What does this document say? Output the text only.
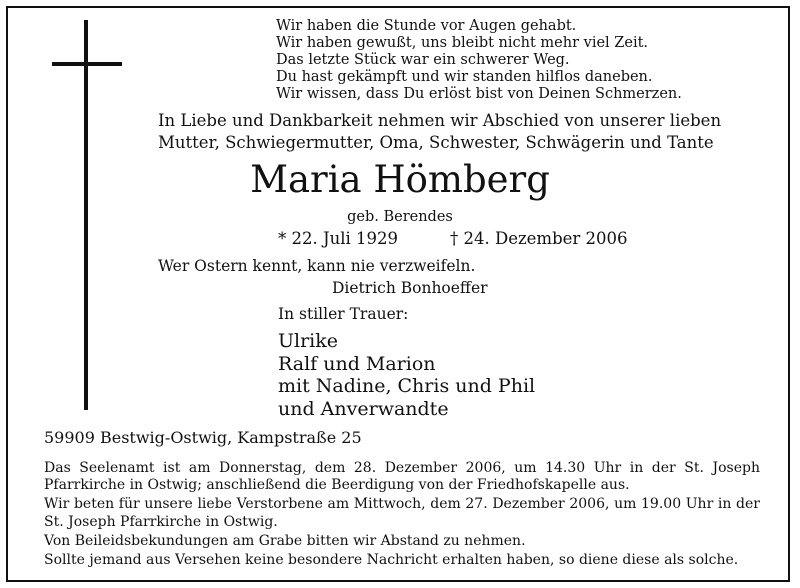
Wir haben die Stunde vor Augen gehabt.
Wir haben gewußt, uns bleibt nicht mehr viel Zeit.
Das letzte Stück war ein schwerer Weg.
Du hast gekämpft und wir standen hilflos daneben.
Wir wissen, dass Du erlöst bist von Deinen Schmerzen.
In Liebe und Dankbarkeit nehmen wir Abschied von unserer lieben
Mutter, Schwiegermutter, Oma, Schwester, Schwägerin und Tante
Maria Hömberg
geb. Berendes
* 22. Juli 1929	† 24. Dezember 2006
Wer Ostern kennt, kann nie verzweifeln.
Dietrich Bonhoeffer
In stiller Trauer:
Ulrike
Ralf und Marion
mit Nadine, Chris und Phil
und Anverwandte
59909 Bestwig-Ostwig, Kampstraße 25
Das Seelenamt ist am Donnerstag, dem 28. Dezember 2006, um 14.30 Uhr in der St. Joseph Pfarrkirche in Ostwig; anschließend die Beerdigung von der Friedhofskapelle aus.
Wir beten für unsere liebe Verstorbene am Mittwoch, dem 27. Dezember 2006, um 19.00 Uhr in der St. Joseph Pfarrkirche in Ostwig.
Von Beileidsbekundungen am Grabe bitten wir Abstand zu nehmen.
Sollte jemand aus Versehen keine besondere Nachricht erhalten haben, so diene diese als solche.
